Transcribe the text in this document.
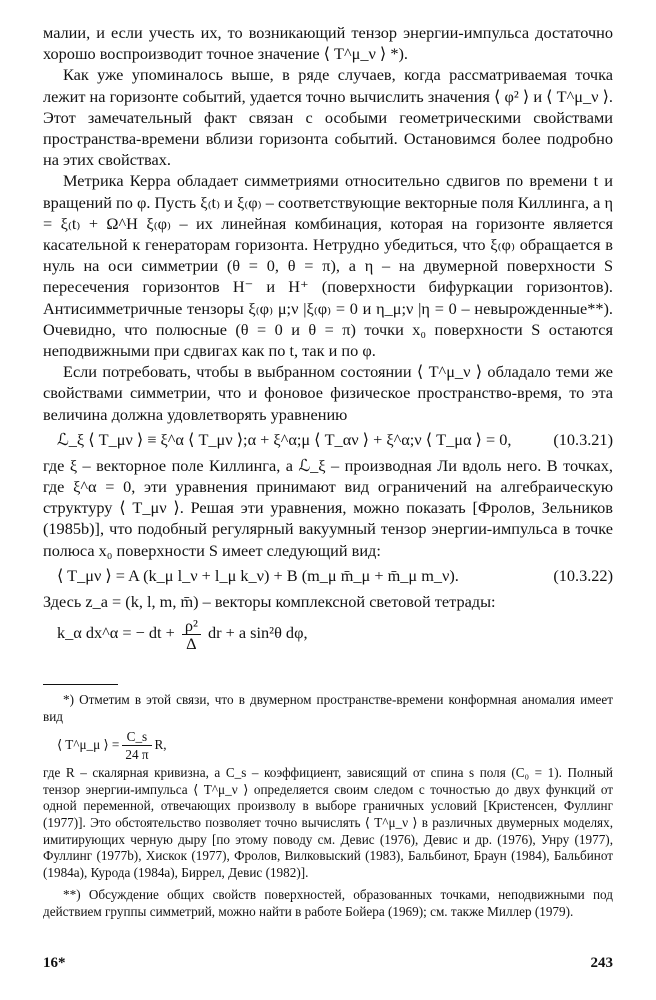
малии, и если учесть их, то возникающий тензор энергии-импульса достаточно хорошо воспроизводит точное значение ⟨ T^μ_ν ⟩ *).

Как уже упоминалось выше, в ряде случаев, когда рассматриваемая точка лежит на горизонте событий, удается точно вычислить значения ⟨ φ² ⟩ и ⟨ T^μ_ν ⟩. Этот замечательный факт связан с особыми геометрическими свойствами пространства-времени вблизи горизонта событий. Остановимся более подробно на этих свойствах.

Метрика Керра обладает симметриями относительно сдвигов по времени t и вращений по φ. Пусть ξ₍t₎ и ξ₍φ₎ – соответствующие векторные поля Киллинга, а η = ξ₍t₎ + Ω^H ξ₍φ₎ – их линейная комбинация, которая на горизонте является касательной к генераторам горизонта. Нетрудно убедиться, что ξ₍φ₎ обращается в нуль на оси симметрии (θ = 0, θ = π), а η – на двумерной поверхности S пересечения горизонтов H⁻ и H⁺ (поверхности бифуркации горизонтов). Антисимметричные тензоры ξ₍φ₎ μ;ν |ξ₍φ₎ = 0 и η_μ;ν |η = 0 – невырожденные**). Очевидно, что полюсные (θ = 0 и θ = π) точки x₀ поверхности S остаются неподвижными при сдвигах как по t, так и по φ.

Если потребовать, чтобы в выбранном состоянии ⟨ T^μ_ν ⟩ обладало теми же свойствами симметрии, что и фоновое физическое пространство-время, то эта величина должна удовлетворять уравнению

ℒ_ξ ⟨ T_μν ⟩ ≡ ξ^α ⟨ T_μν ⟩;α + ξ^α;μ ⟨ T_αν ⟩ + ξ^α;ν ⟨ T_μα ⟩ = 0,	(10.3.21)

где ξ – векторное поле Киллинга, а ℒ_ξ – производная Ли вдоль него. В точках, где ξ^α = 0, эти уравнения принимают вид ограничений на алгебраическую структуру ⟨ T_μν ⟩. Решая эти уравнения, можно показать [Фролов, Зельников (1985b)], что подобный регулярный вакуумный тензор энергии-импульса в точке полюса x₀ поверхности S имеет следующий вид:

⟨ T_μν ⟩ = A (k_μ l_ν + l_μ k_ν) + B (m_μ m̄_μ + m̄_μ m_ν).	(10.3.22)

Здесь z_a = (k, l, m, m̄) – векторы комплексной световой тетрады:

k_α dx^α = − dt + $\frac{\text{ρ²}}{\Delta}$ dr + a sin²θ dφ,

*) Отметим в этой связи, что в двумерном пространстве-времени конформная аномалия имеет вид

⟨ T^μ_μ ⟩ = $\frac{C\_s}{24 \pi} R$,

где R – скалярная кривизна, а C_s – коэффициент, зависящий от спина s поля (C₀ = 1). Полный тензор энергии-импульса ⟨ T^μ_ν ⟩ определяется своим следом с точностью до двух функций от одной переменной, отвечающих произволу в выборе граничных условий [Кристенсен, Фуллинг (1977)]. Это обстоятельство позволяет точно вычислять ⟨ T^μ_ν ⟩ в различных двумерных моделях, имитирующих черную дыру [по этому поводу см. Девис (1976), Девис и др. (1976), Унру (1977), Фуллинг (1977b), Хискок (1977), Фролов, Вилковыский (1983), Бальбинот, Браун (1984), Бальбинот (1984a), Курода (1984a), Биррел, Девис (1982)].

**) Обсуждение общих свойств поверхностей, образованных точками, неподвижными под действием группы симметрий, можно найти в работе Бойера (1969); см. также Миллер (1979).

16*	243
